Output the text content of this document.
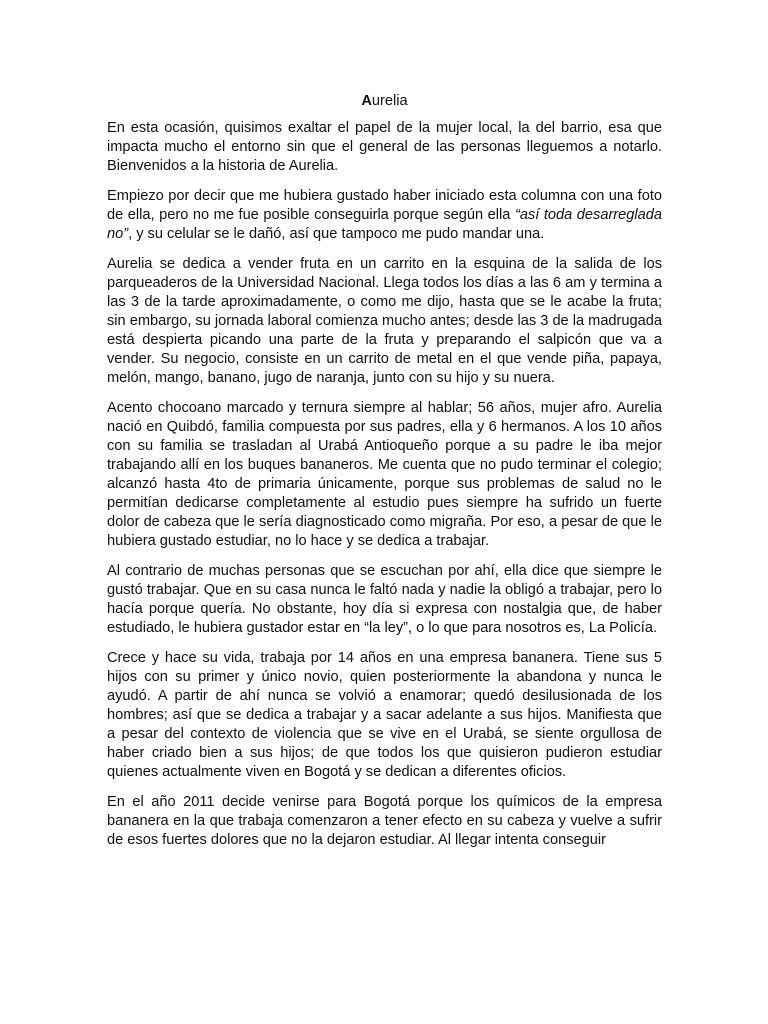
Aurelia

En esta ocasión, quisimos exaltar el papel de la mujer local, la del barrio, esa que impacta mucho el entorno sin que el general de las personas lleguemos a notarlo. Bienvenidos a la historia de Aurelia.

Empiezo por decir que me hubiera gustado haber iniciado esta columna con una foto de ella, pero no me fue posible conseguirla porque según ella “así toda desarreglada no”, y su celular se le dañó, así que tampoco me pudo mandar una.

Aurelia se dedica a vender fruta en un carrito en la esquina de la salida de los parqueaderos de la Universidad Nacional. Llega todos los días a las 6 am y termina a las 3 de la tarde aproximadamente, o como me dijo, hasta que se le acabe la fruta; sin embargo, su jornada laboral comienza mucho antes; desde las 3 de la madrugada está despierta picando una parte de la fruta y preparando el salpicón que va a vender. Su negocio, consiste en un carrito de metal en el que vende piña, papaya, melón, mango, banano, jugo de naranja, junto con su hijo y su nuera.

Acento chocoano marcado y ternura siempre al hablar; 56 años, mujer afro. Aurelia nació en Quibdó, familia compuesta por sus padres, ella y 6 hermanos. A los 10 años con su familia se trasladan al Urabá Antioqueño porque a su padre le iba mejor trabajando allí en los buques bananeros. Me cuenta que no pudo terminar el colegio; alcanzó hasta 4to de primaria únicamente, porque sus problemas de salud no le permitían dedicarse completamente al estudio pues siempre ha sufrido un fuerte dolor de cabeza que le sería diagnosticado como migraña. Por eso, a pesar de que le hubiera gustado estudiar, no lo hace y se dedica a trabajar.

Al contrario de muchas personas que se escuchan por ahí, ella dice que siempre le gustó trabajar. Que en su casa nunca le faltó nada y nadie la obligó a trabajar, pero lo hacía porque quería. No obstante, hoy día si expresa con nostalgia que, de haber estudiado, le hubiera gustador estar en “la ley”, o lo que para nosotros es, La Policía.

Crece y hace su vida, trabaja por 14 años en una empresa bananera. Tiene sus 5 hijos con su primer y único novio, quien posteriormente la abandona y nunca le ayudó. A partir de ahí nunca se volvió a enamorar; quedó desilusionada de los hombres; así que se dedica a trabajar y a sacar adelante a sus hijos. Manifiesta que a pesar del contexto de violencia que se vive en el Urabá, se siente orgullosa de haber criado bien a sus hijos; de que todos los que quisieron pudieron estudiar quienes actualmente viven en Bogotá y se dedican a diferentes oficios.

En el año 2011 decide venirse para Bogotá porque los químicos de la empresa bananera en la que trabaja comenzaron a tener efecto en su cabeza y vuelve a sufrir de esos fuertes dolores que no la dejaron estudiar. Al llegar intenta conseguir
